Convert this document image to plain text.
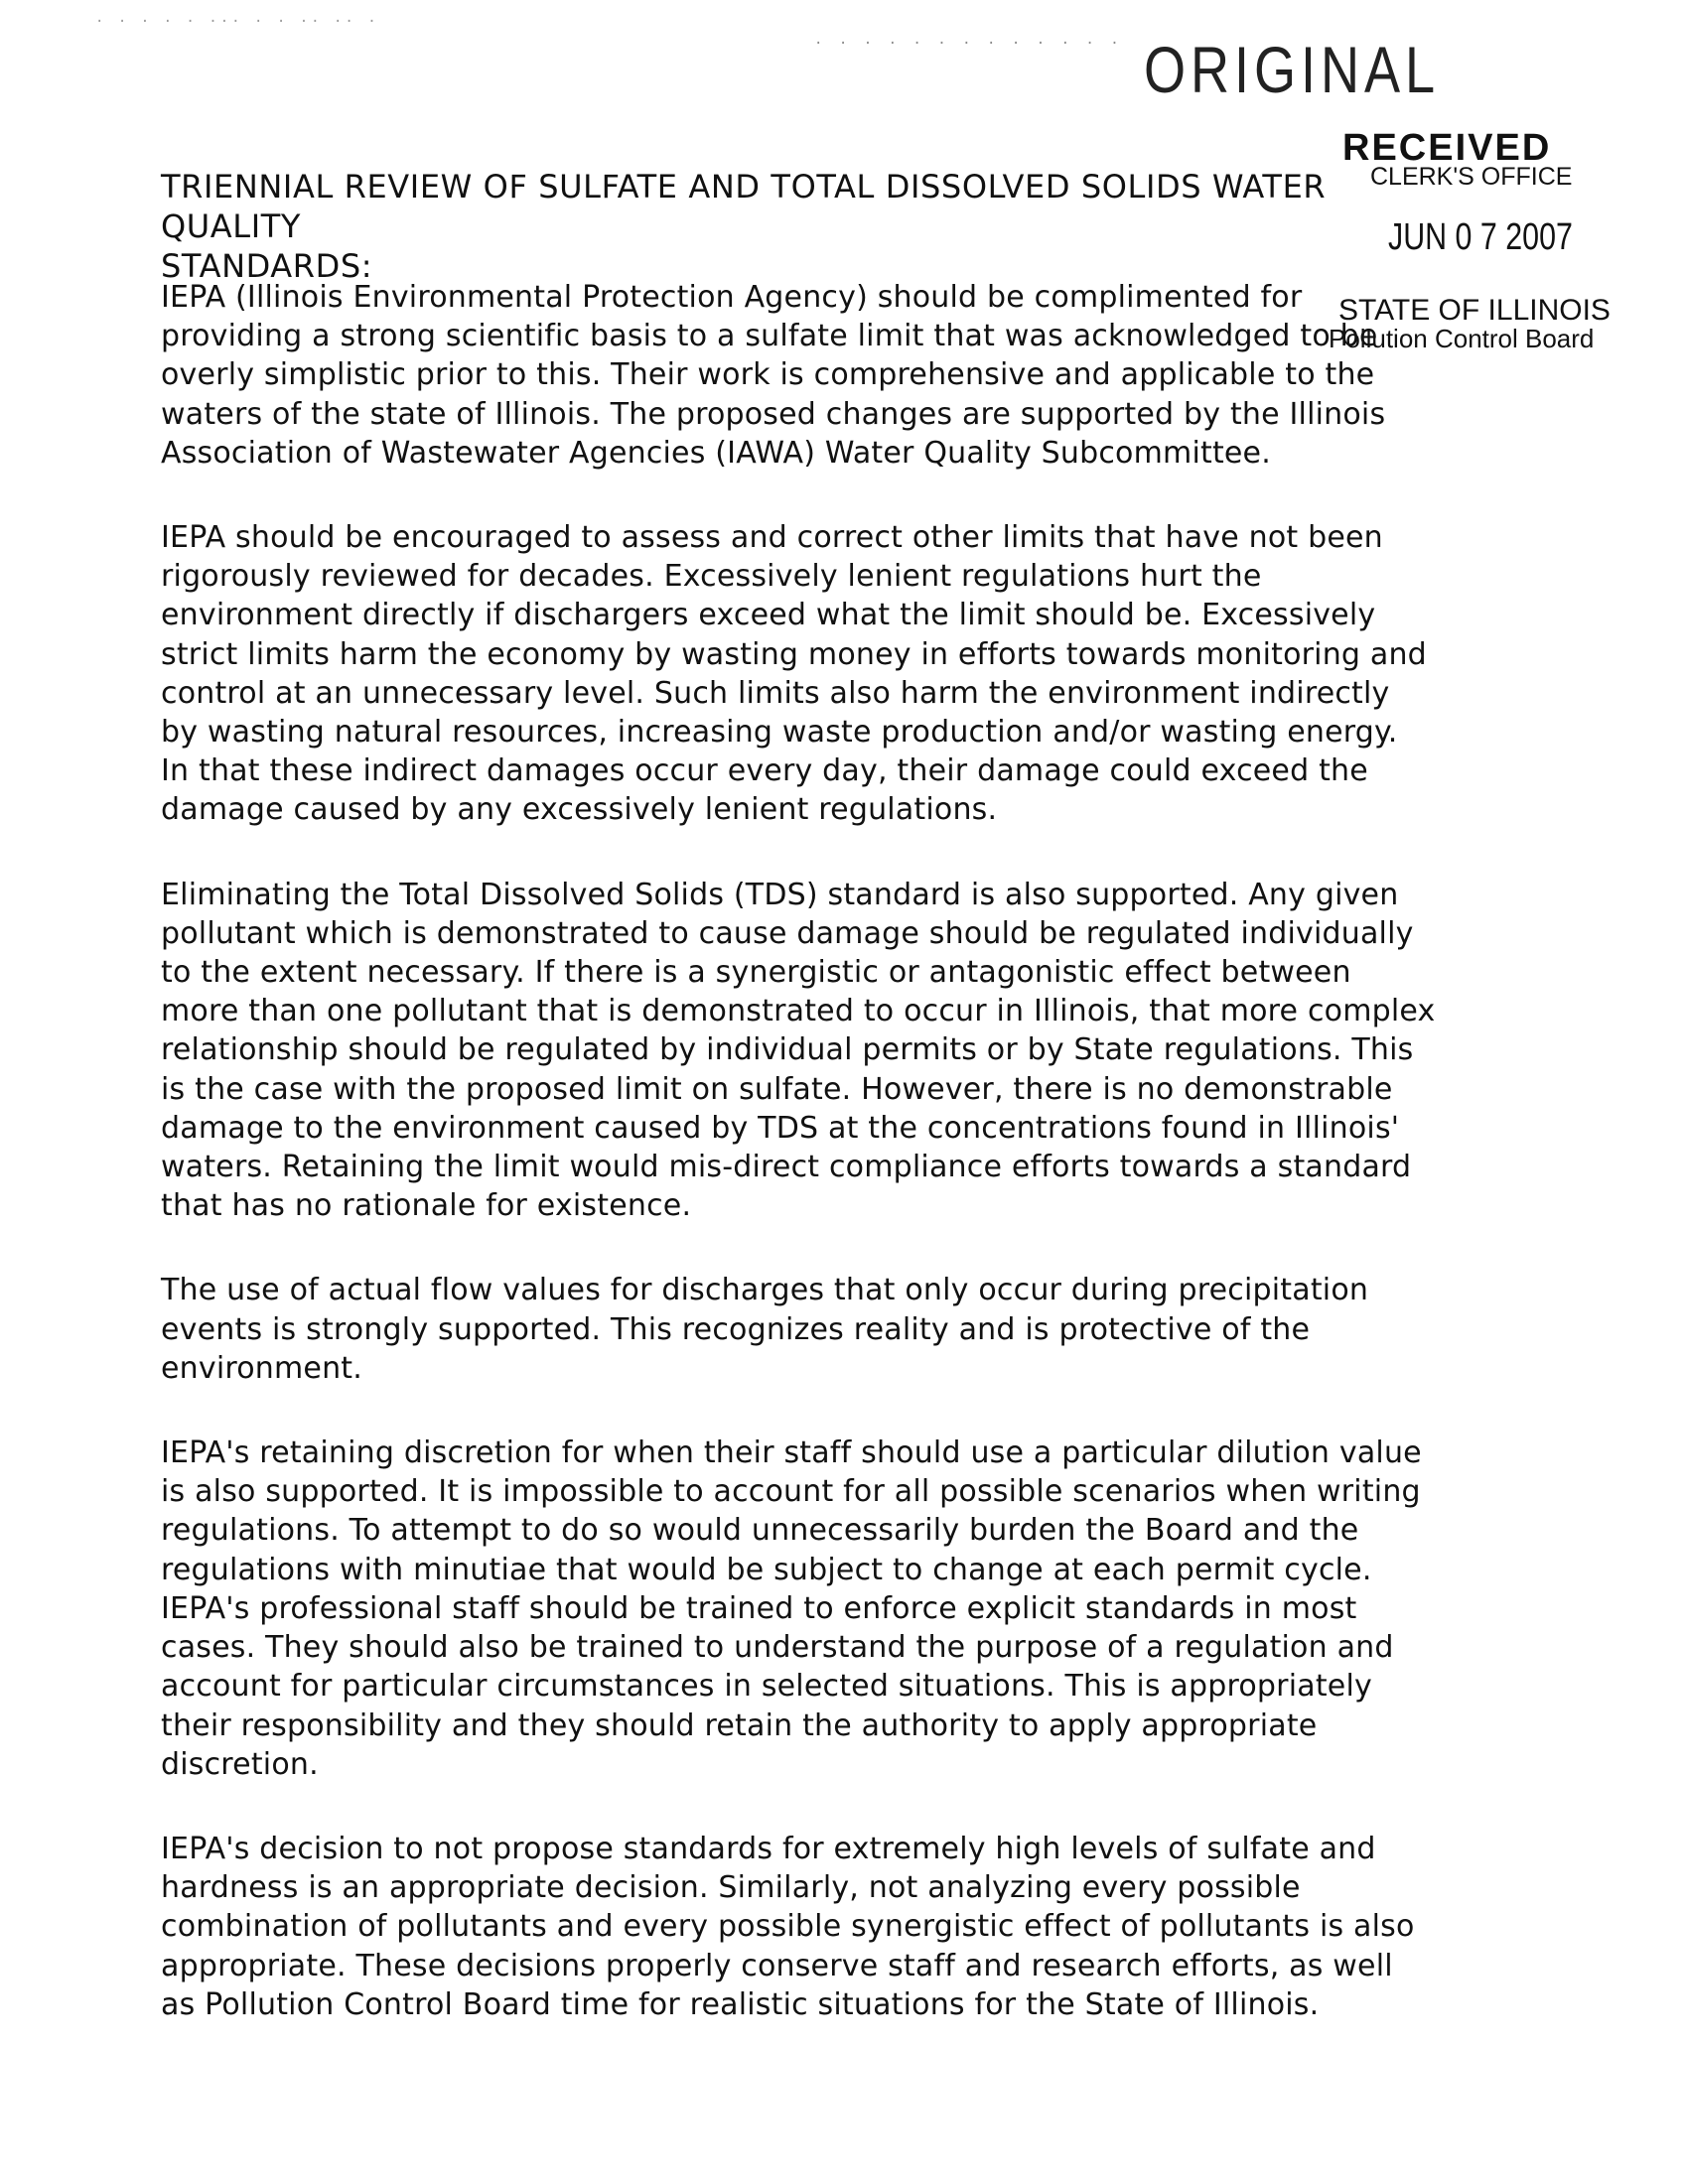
· · · · · ··· · · ·· ·· ·
· · · · · · · · · · · · · ORIGINAL
RECEIVED
CLERK'S OFFICE
JUN 0 7 2007
STATE OF ILLINOIS
Pollution Control Board
TRIENNIAL REVIEW OF SULFATE AND TOTAL DISSOLVED SOLIDS WATER QUALITY
STANDARDS:

IEPA (Illinois Environmental Protection Agency) should be complimented for
providing a strong scientific basis to a sulfate limit that was acknowledged to be
overly simplistic prior to this. Their work is comprehensive and applicable to the
waters of the state of Illinois. The proposed changes are supported by the Illinois
Association of Wastewater Agencies (IAWA) Water Quality Subcommittee.

IEPA should be encouraged to assess and correct other limits that have not been
rigorously reviewed for decades. Excessively lenient regulations hurt the
environment directly if dischargers exceed what the limit should be. Excessively
strict limits harm the economy by wasting money in efforts towards monitoring and
control at an unnecessary level. Such limits also harm the environment indirectly
by wasting natural resources, increasing waste production and/or wasting energy.
In that these indirect damages occur every day, their damage could exceed the
damage caused by any excessively lenient regulations.

Eliminating the Total Dissolved Solids (TDS) standard is also supported. Any given
pollutant which is demonstrated to cause damage should be regulated individually
to the extent necessary. If there is a synergistic or antagonistic effect between
more than one pollutant that is demonstrated to occur in Illinois, that more complex
relationship should be regulated by individual permits or by State regulations. This
is the case with the proposed limit on sulfate. However, there is no demonstrable
damage to the environment caused by TDS at the concentrations found in Illinois'
waters. Retaining the limit would mis-direct compliance efforts towards a standard
that has no rationale for existence.

The use of actual flow values for discharges that only occur during precipitation
events is strongly supported. This recognizes reality and is protective of the
environment.

IEPA's retaining discretion for when their staff should use a particular dilution value
is also supported. It is impossible to account for all possible scenarios when writing
regulations. To attempt to do so would unnecessarily burden the Board and the
regulations with minutiae that would be subject to change at each permit cycle.
IEPA's professional staff should be trained to enforce explicit standards in most
cases. They should also be trained to understand the purpose of a regulation and
account for particular circumstances in selected situations. This is appropriately
their responsibility and they should retain the authority to apply appropriate
discretion.

IEPA's decision to not propose standards for extremely high levels of sulfate and
hardness is an appropriate decision. Similarly, not analyzing every possible
combination of pollutants and every possible synergistic effect of pollutants is also
appropriate. These decisions properly conserve staff and research efforts, as well
as Pollution Control Board time for realistic situations for the State of Illinois.
